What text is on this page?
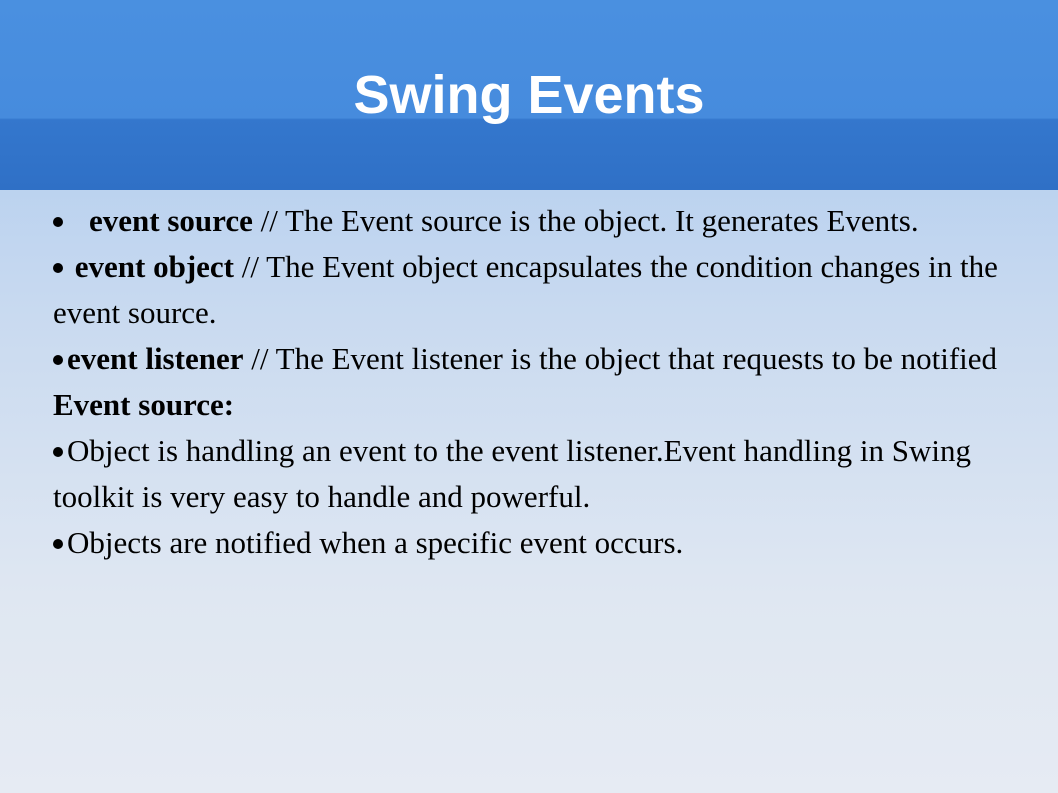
Swing Events

event source // The Event source is the object. It generates Events.

event object // The Event object encapsulates the condition changes in the event source.

event listener // The Event listener is the object that requests to be notified

Event source:

Object is handling an event to the event listener.Event handling in Swing toolkit is very easy to handle and powerful.

Objects are notified when a specific event occurs.
